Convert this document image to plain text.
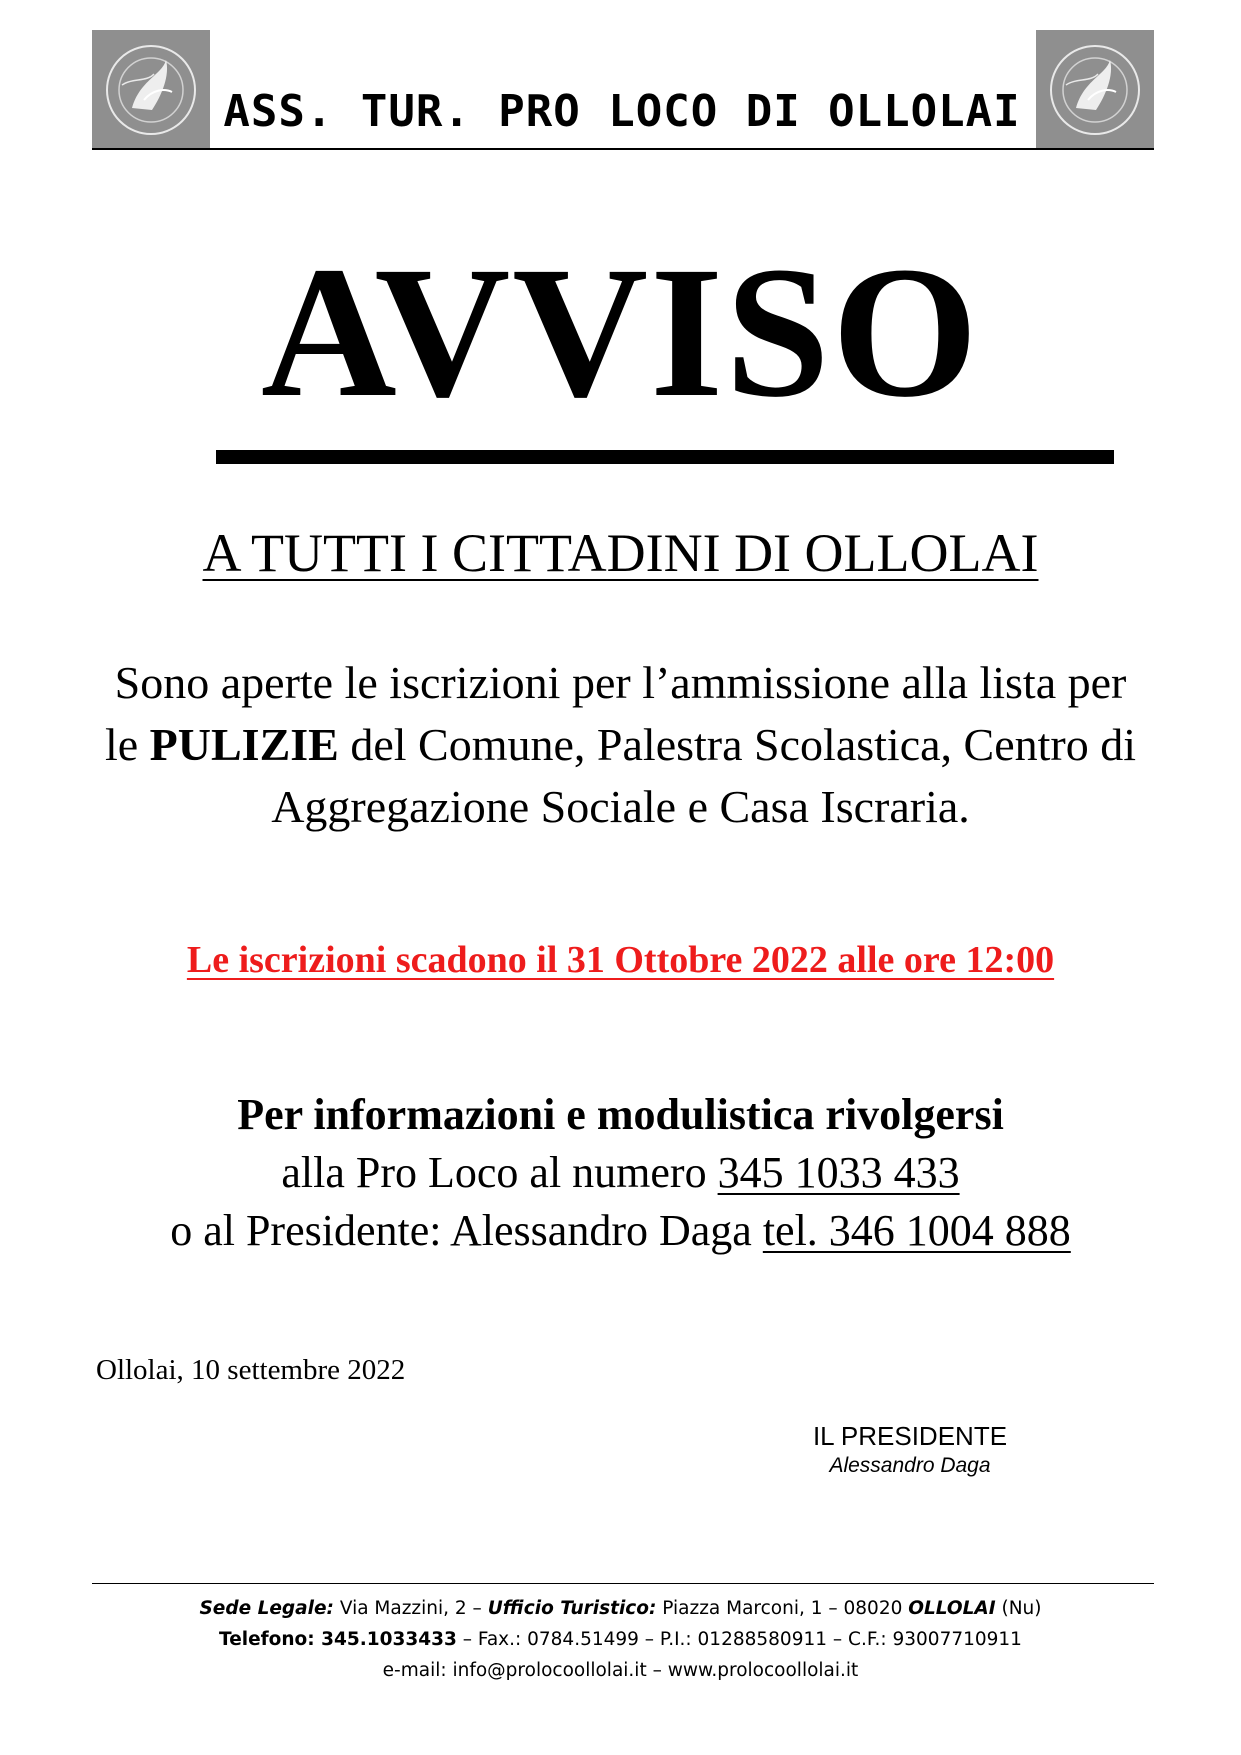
ASS. TUR. PRO LOCO DI OLLOLAI
AVVISO
A TUTTI I CITTADINI DI OLLOLAI
Sono aperte le iscrizioni per l’ammissione alla lista per le PULIZIE del Comune, Palestra Scolastica, Centro di Aggregazione Sociale e Casa Iscraria.
Le iscrizioni scadono il 31 Ottobre 2022 alle ore 12:00
Per informazioni e modulistica rivolgersi
alla Pro Loco al numero 345 1033 433
o al Presidente: Alessandro Daga tel. 346 1004 888
Ollolai, 10 settembre 2022
IL PRESIDENTE
Alessandro Daga
Sede Legale: Via Mazzini, 2 – Ufficio Turistico: Piazza Marconi, 1 – 08020 OLLOLAI (Nu)
Telefono: 345.1033433 – Fax.: 0784.51499 – P.I.: 01288580911 – C.F.: 93007710911
e-mail: info@prolocoollolai.it – www.prolocoollolai.it
